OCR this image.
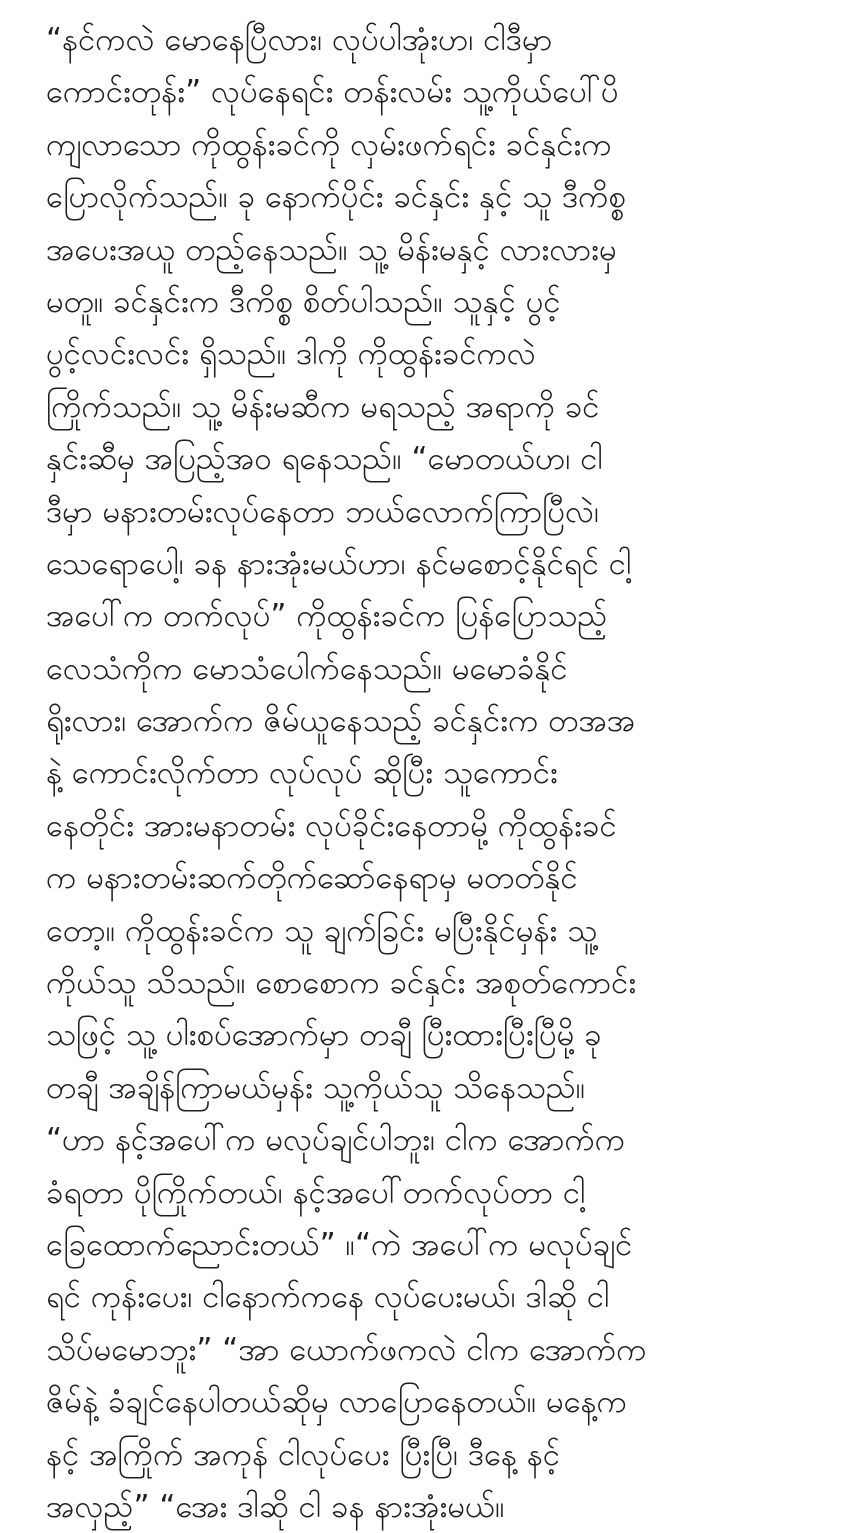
“နင်ကလဲ မောနေပြီလား၊ လုပ်ပါအုံးဟ၊ ငါဒီမှာ
ကောင်းတုန်း” လုပ်နေရင်း တန်းလမ်း သူ့ကိုယ်ပေါ်ပိ
ကျလာသော ကိုထွန်းခင်ကို လှမ်းဖက်ရင်း ခင်နှင်းက
ပြောလိုက်သည်။ ခု နောက်ပိုင်း ခင်နှင်း နှင့် သူ ဒီကိစ္စ
အပေးအယူ တည့်နေသည်။ သူ့ မိန်းမနှင့် လားလားမှ
မတူ။ ခင်နှင်းက ဒီကိစ္စ စိတ်ပါသည်။ သူနှင့် ပွင့်
ပွင့်လင်းလင်း ရှိသည်။ ဒါကို ကိုထွန်းခင်ကလဲ
ကြိုက်သည်။ သူ့ မိန်းမဆီက မရသည့် အရာကို ခင်
နှင်းဆီမှ အပြည့်အဝ ရနေသည်။ “မောတယ်ဟ၊ ငါ
ဒီမှာ မနားတမ်းလုပ်နေတာ ဘယ်လောက်ကြာပြီလဲ၊
သေရောပေါ့၊ ခန နားအုံးမယ်ဟာ၊ နင်မစောင့်နိုင်ရင် ငါ့
အပေါ်က တက်လုပ်” ကိုထွန်းခင်က ပြန်ပြောသည့်
လေသံကိုက မောသံပေါက်နေသည်။ မမောခံနိုင်
ရိုးလား၊ အောက်က ဇိမ်ယူနေသည့် ခင်နှင်းက တအအ
နဲ့ ကောင်းလိုက်တာ လုပ်လုပ် ဆိုပြီး သူကောင်း
နေတိုင်း အားမနာတမ်း လုပ်ခိုင်းနေတာမို့ ကိုထွန်းခင်
က မနားတမ်းဆက်တိုက်ဆော်နေရာမှ မတတ်နိုင်
တော့။ ကိုထွန်းခင်က သူ ချက်ခြင်း မပြီးနိုင်မှန်း သူ့
ကိုယ်သူ သိသည်။ စောစောက ခင်နှင်း အစုတ်ကောင်း
သဖြင့် သူ့ ပါးစပ်အောက်မှာ တချီ ပြီးထားပြီးပြီမို့ ခု
တချီ အချိန်ကြာမယ်မှန်း သူ့ကိုယ်သူ သိနေသည်။
“ဟာ နင့်အပေါ်က မလုပ်ချင်ပါဘူး၊ ငါက အောက်က
ခံရတာ ပိုကြိုက်တယ်၊ နင့်အပေါ်တက်လုပ်တာ ငါ့
ခြေထောက်ညောင်းတယ်” ။“ကဲ အပေါ်က မလုပ်ချင်
ရင် ကုန်းပေး၊ ငါနောက်ကနေ လုပ်ပေးမယ်၊ ဒါဆို ငါ
သိပ်မမောဘူး” “အာ ယောက်ဖကလဲ ငါက အောက်က
ဇိမ်နဲ့ ခံချင်နေပါတယ်ဆိုမှ လာပြောနေတယ်။ မနေ့က
နင့် အကြိုက် အကုန် ငါလုပ်ပေး ပြီးပြီ၊ ဒီနေ့ နင့်
အလှည့်” “အေး ဒါဆို ငါ ခန နားအုံးမယ်။
